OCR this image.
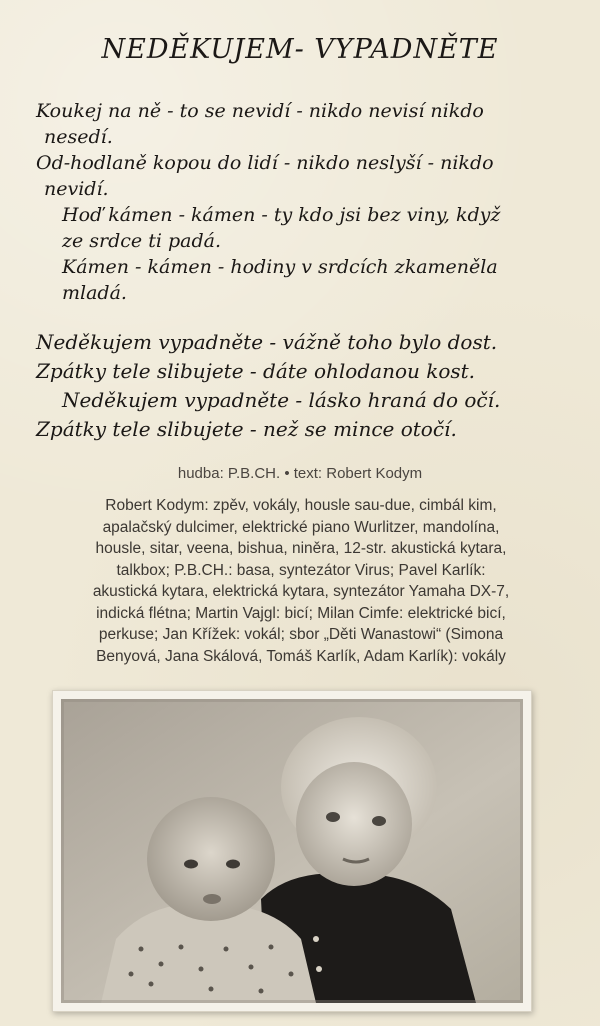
NEDĚKUJEM- VYPADNĚTE
Koukej na ně - to se nevidí - nikdo nevisí nikdo
nesedí.
Od-hodlaně kopou do lidí - nikdo neslyší - nikdo
nevidí.
Hoď kámen - kámen - ty kdo jsi bez viny, když
ze srdce ti padá.
Kámen - kámen - hodiny v srdcích zkameněla
mladá.
Neděkujem vypadněte - vážně toho bylo dost.
Zpátky tele slibujete - dáte ohlodanou kost.
Neděkujem vypadněte - lásko hraná do očí.
Zpátky tele slibujete - než se mince otočí.
hudba: P.B.CH. • text: Robert Kodym
Robert Kodym: zpěv, vokály, housle sau-due, cimbál kim,
apalačský dulcimer, elektrické piano Wurlitzer, mandolína,
housle, sitar, veena, bishua, niněra, 12-str. akustická kytara,
talkbox; P.B.CH.: basa, syntezátor Virus; Pavel Karlík:
akustická kytara, elektrická kytara, syntezátor Yamaha DX-7,
indická flétna; Martin Vajgl: bicí; Milan Cimfe: elektrické bicí,
perkuse; Jan Křížek: vokál; sbor „Děti Wanastowi“ (Simona
Benyová, Jana Skálová, Tomáš Karlík, Adam Karlík): vokály
